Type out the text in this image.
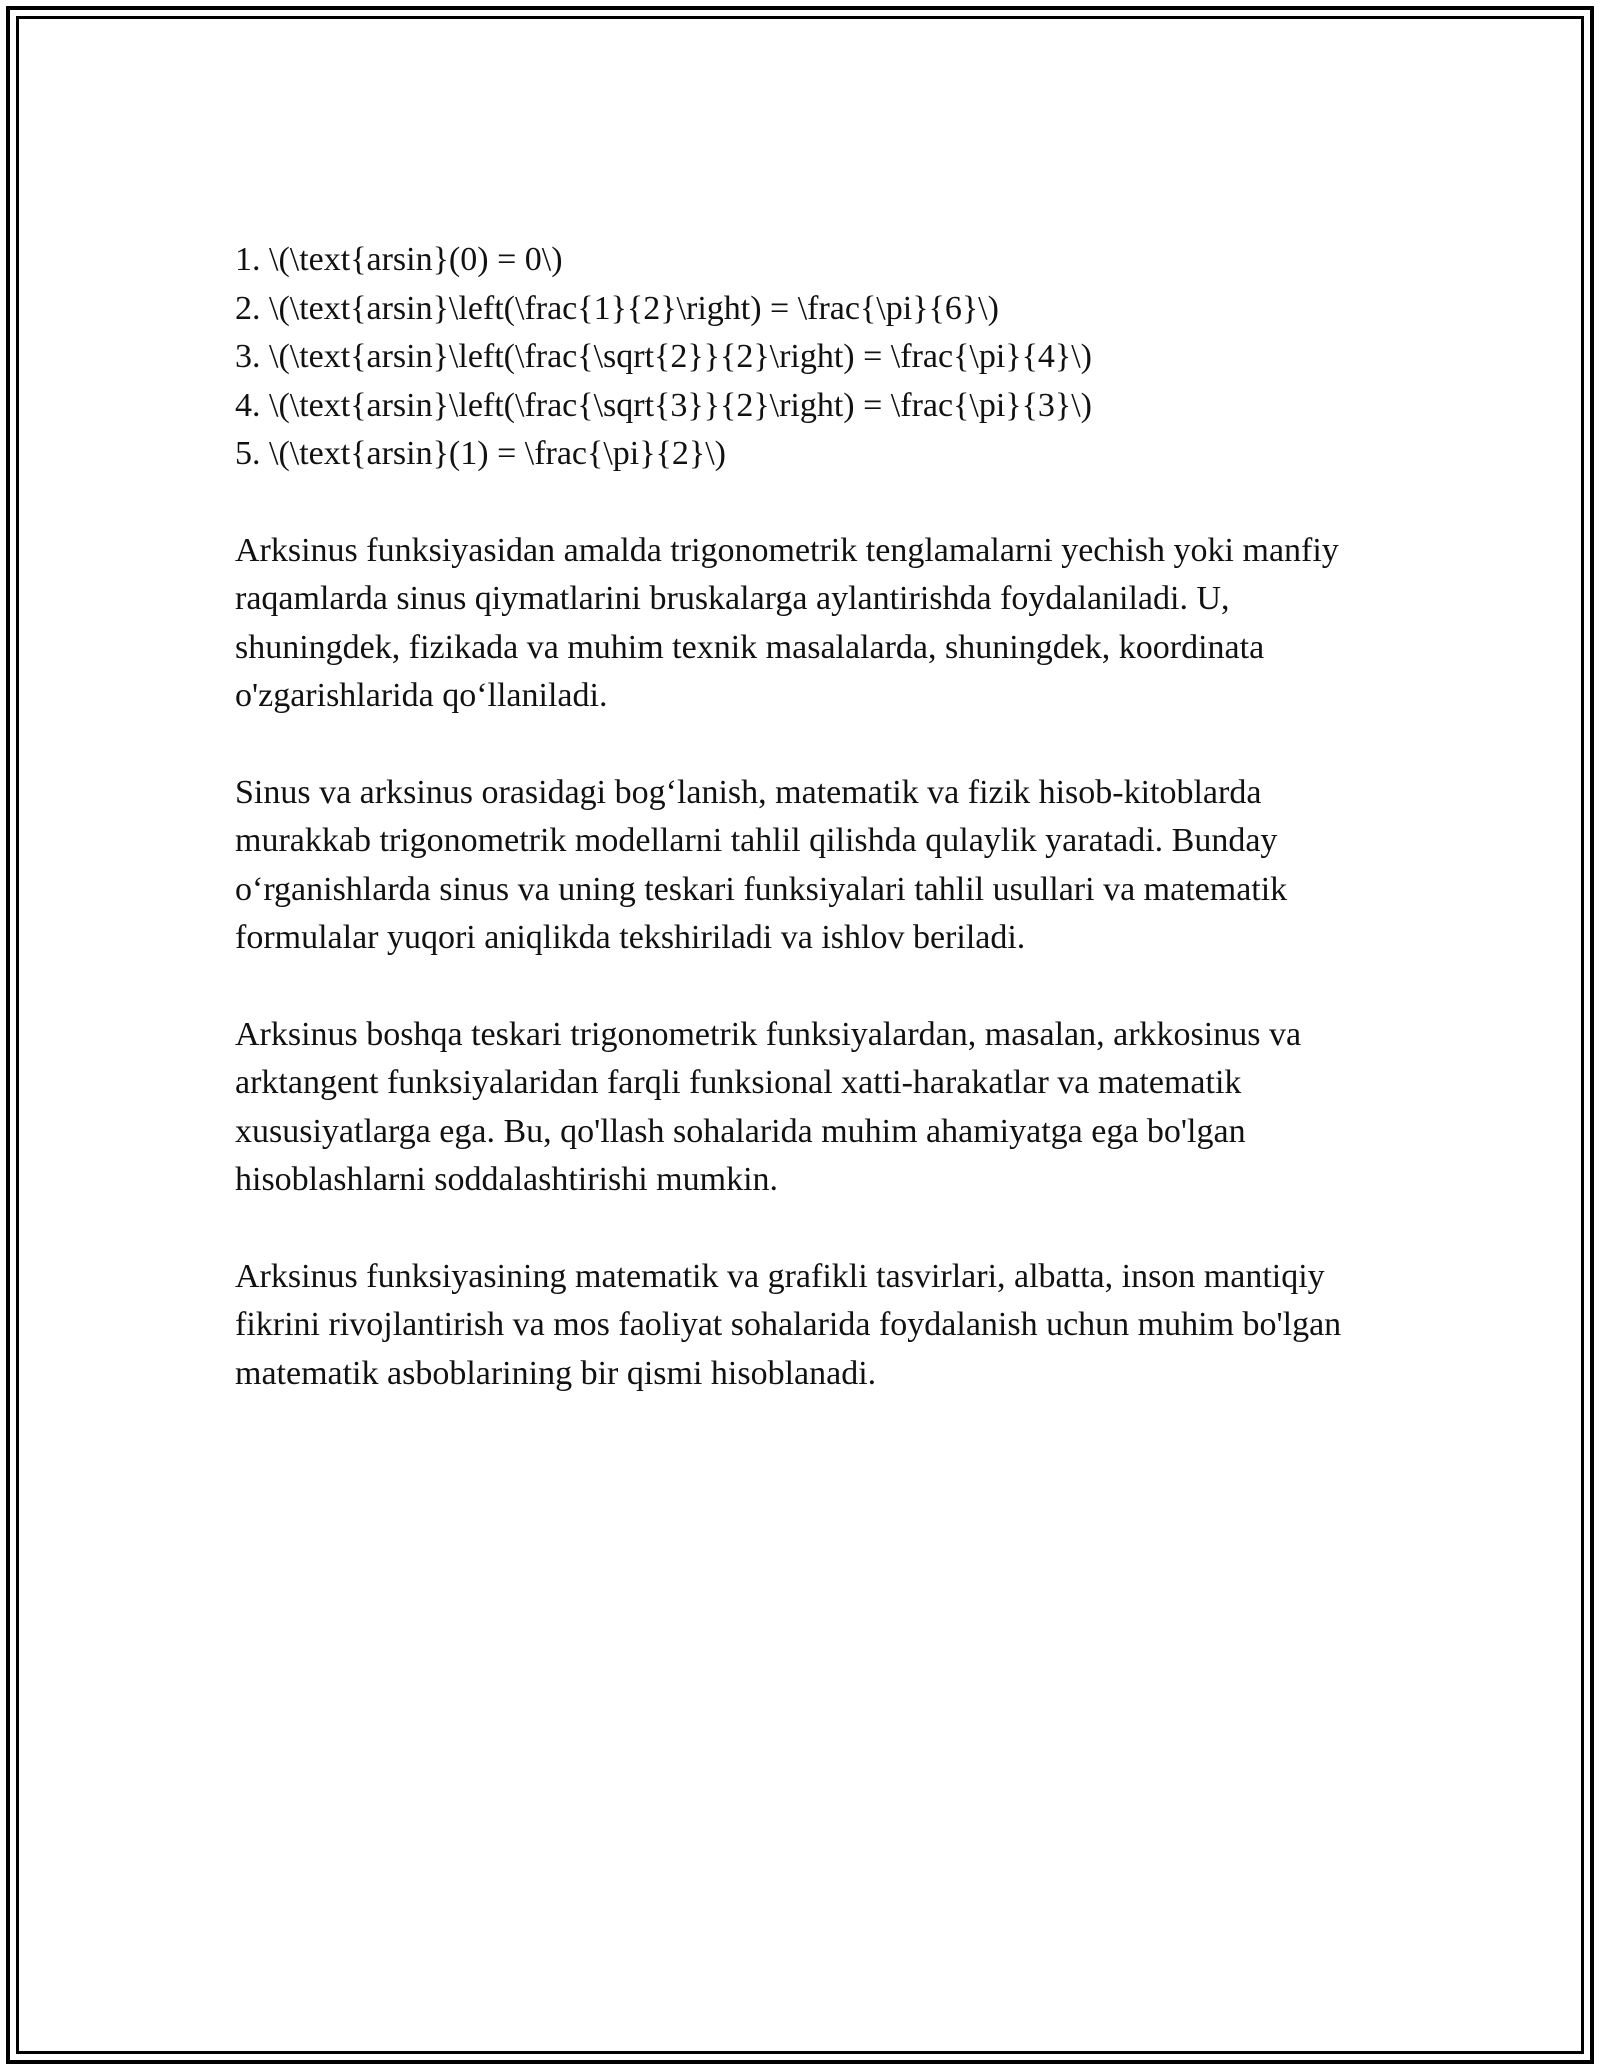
1. \(\text{arsin}(0) = 0\)
2. \(\text{arsin}\left(\frac{1}{2}\right) = \frac{\pi}{6}\)
3. \(\text{arsin}\left(\frac{\sqrt{2}}{2}\right) = \frac{\pi}{4}\)
4. \(\text{arsin}\left(\frac{\sqrt{3}}{2}\right) = \frac{\pi}{3}\)
5. \(\text{arsin}(1) = \frac{\pi}{2}\)

Arksinus funksiyasidan amalda trigonometrik tenglamalarni yechish yoki manfiy raqamlarda sinus qiymatlarini bruskalarga aylantirishda foydalaniladi. U, shuningdek, fizikada va muhim texnik masalalarda, shuningdek, koordinata o'zgarishlarida qo‘llaniladi.

Sinus va arksinus orasidagi bog‘lanish, matematik va fizik hisob-kitoblarda murakkab trigonometrik modellarni tahlil qilishda qulaylik yaratadi. Bunday o‘rganishlarda sinus va uning teskari funksiyalari tahlil usullari va matematik formulalar yuqori aniqlikda tekshiriladi va ishlov beriladi.

Arksinus boshqa teskari trigonometrik funksiyalardan, masalan, arkkosinus va arktangent funksiyalaridan farqli funksional xatti-harakatlar va matematik xususiyatlarga ega. Bu, qo'llash sohalarida muhim ahamiyatga ega bo'lgan hisoblashlarni soddalashtirishi mumkin.

Arksinus funksiyasining matematik va grafikli tasvirlari, albatta, inson mantiqiy fikrini rivojlantirish va mos faoliyat sohalarida foydalanish uchun muhim bo'lgan matematik asboblarining bir qismi hisoblanadi.
